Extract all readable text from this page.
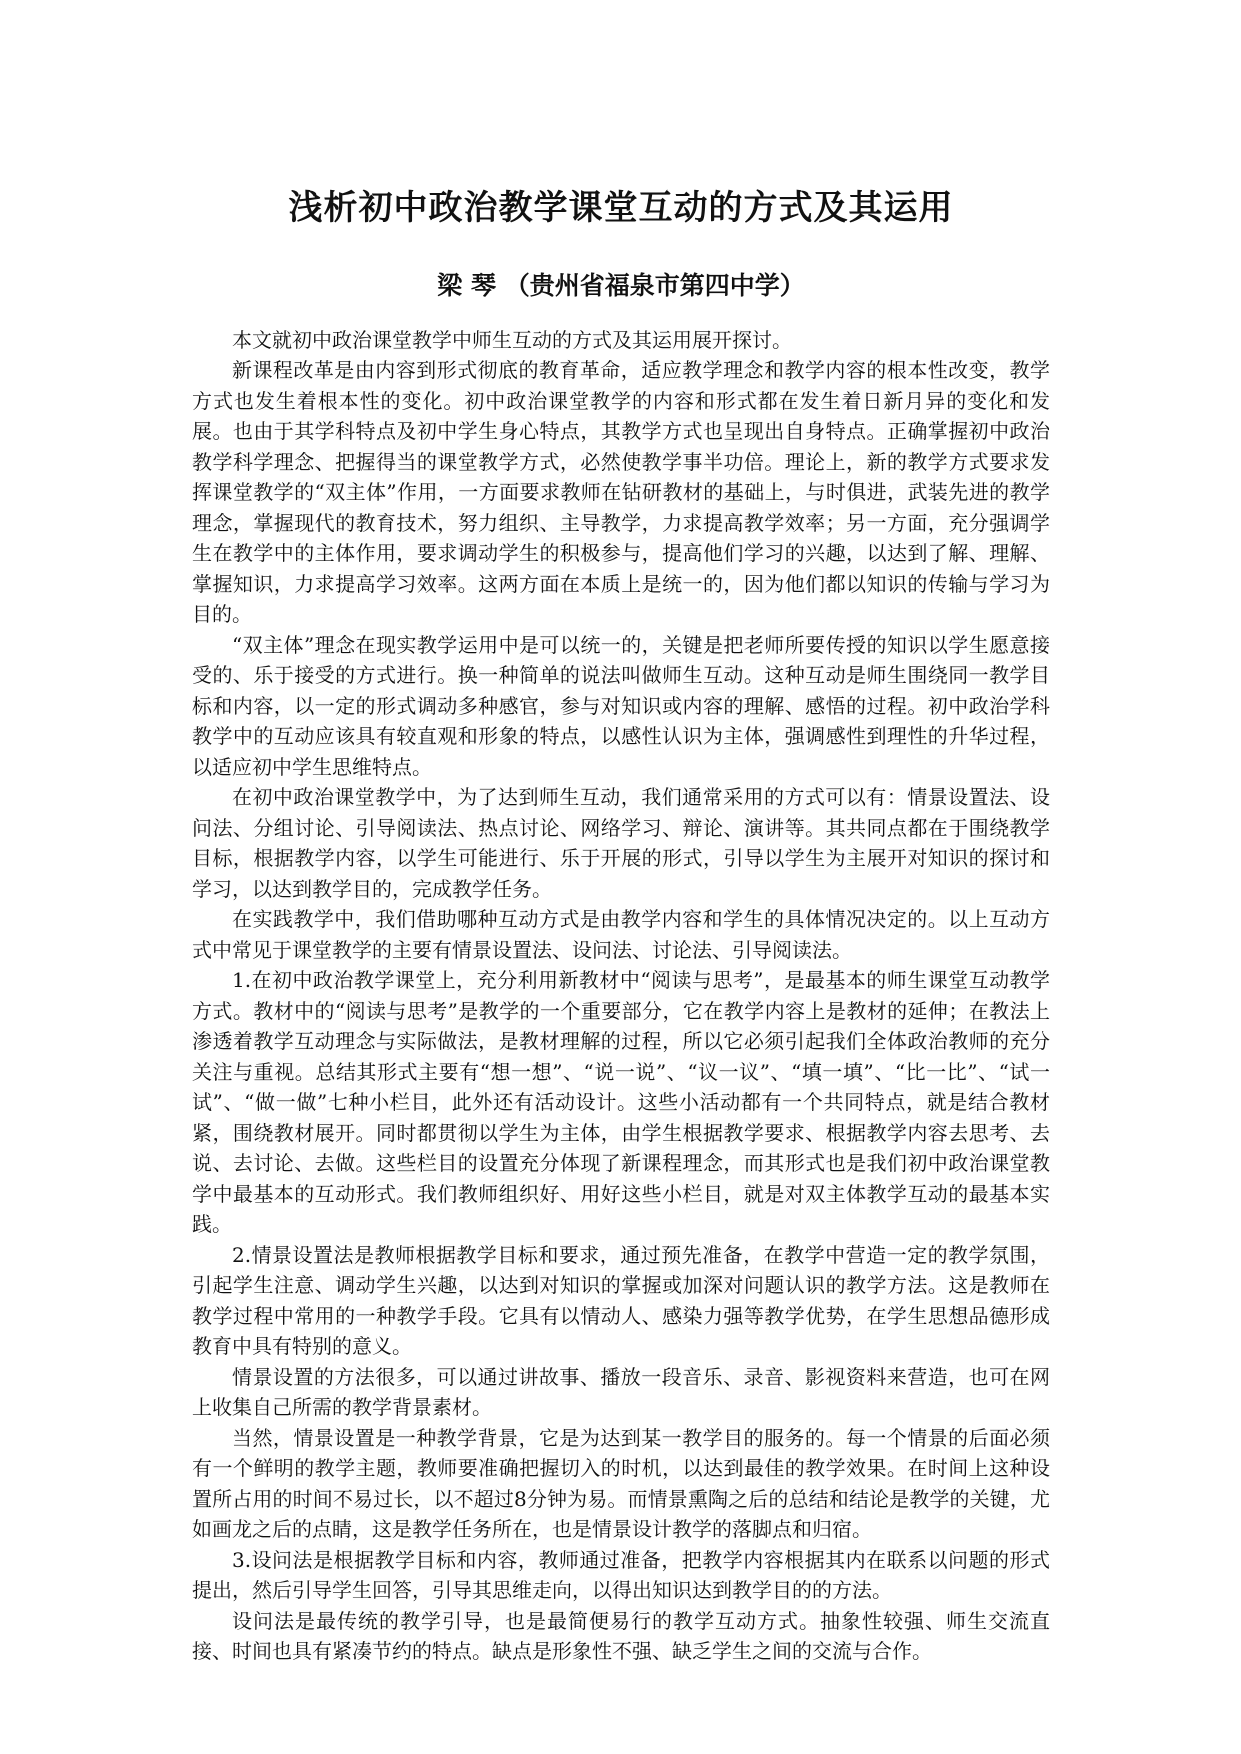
浅析初中政治教学课堂互动的方式及其运用
梁 琴 （贵州省福泉市第四中学）

本文就初中政治课堂教学中师生互动的方式及其运用展开探讨。

新课程改革是由内容到形式彻底的教育革命，适应教学理念和教学内容的根本性改变，教学方式也发生着根本性的变化。初中政治课堂教学的内容和形式都在发生着日新月异的变化和发展。也由于其学科特点及初中学生身心特点，其教学方式也呈现出自身特点。正确掌握初中政治教学科学理念、把握得当的课堂教学方式，必然使教学事半功倍。理论上，新的教学方式要求发挥课堂教学的“双主体”作用，一方面要求教师在钻研教材的基础上，与时俱进，武装先进的教学理念，掌握现代的教育技术，努力组织、主导教学，力求提高教学效率；另一方面，充分强调学生在教学中的主体作用，要求调动学生的积极参与，提高他们学习的兴趣，以达到了解、理解、掌握知识，力求提高学习效率。这两方面在本质上是统一的，因为他们都以知识的传输与学习为目的。

“双主体”理念在现实教学运用中是可以统一的，关键是把老师所要传授的知识以学生愿意接受的、乐于接受的方式进行。换一种简单的说法叫做师生互动。这种互动是师生围绕同一教学目标和内容，以一定的形式调动多种感官，参与对知识或内容的理解、感悟的过程。初中政治学科教学中的互动应该具有较直观和形象的特点，以感性认识为主体，强调感性到理性的升华过程，以适应初中学生思维特点。

在初中政治课堂教学中，为了达到师生互动，我们通常采用的方式可以有：情景设置法、设问法、分组讨论、引导阅读法、热点讨论、网络学习、辩论、演讲等。其共同点都在于围绕教学目标，根据教学内容，以学生可能进行、乐于开展的形式，引导以学生为主展开对知识的探讨和学习，以达到教学目的，完成教学任务。

在实践教学中，我们借助哪种互动方式是由教学内容和学生的具体情况决定的。以上互动方式中常见于课堂教学的主要有情景设置法、设问法、讨论法、引导阅读法。

1.在初中政治教学课堂上，充分利用新教材中“阅读与思考”，是最基本的师生课堂互动教学方式。教材中的“阅读与思考”是教学的一个重要部分，它在教学内容上是教材的延伸；在教法上渗透着教学互动理念与实际做法，是教材理解的过程，所以它必须引起我们全体政治教师的充分关注与重视。总结其形式主要有“想一想”、“说一说”、“议一议”、“填一填”、“比一比”、“试一试”、“做一做”七种小栏目，此外还有活动设计。这些小活动都有一个共同特点，就是结合教材紧，围绕教材展开。同时都贯彻以学生为主体，由学生根据教学要求、根据教学内容去思考、去说、去讨论、去做。这些栏目的设置充分体现了新课程理念，而其形式也是我们初中政治课堂教学中最基本的互动形式。我们教师组织好、用好这些小栏目，就是对双主体教学互动的最基本实践。

2.情景设置法是教师根据教学目标和要求，通过预先准备，在教学中营造一定的教学氛围，引起学生注意、调动学生兴趣，以达到对知识的掌握或加深对问题认识的教学方法。这是教师在教学过程中常用的一种教学手段。它具有以情动人、感染力强等教学优势，在学生思想品德形成教育中具有特别的意义。

情景设置的方法很多，可以通过讲故事、播放一段音乐、录音、影视资料来营造，也可在网上收集自己所需的教学背景素材。

当然，情景设置是一种教学背景，它是为达到某一教学目的服务的。每一个情景的后面必须有一个鲜明的教学主题，教师要准确把握切入的时机，以达到最佳的教学效果。在时间上这种设置所占用的时间不易过长，以不超过8分钟为易。而情景熏陶之后的总结和结论是教学的关键，尤如画龙之后的点睛，这是教学任务所在，也是情景设计教学的落脚点和归宿。

3.设问法是根据教学目标和内容，教师通过准备，把教学内容根据其内在联系以问题的形式提出，然后引导学生回答，引导其思维走向，以得出知识达到教学目的的方法。

设问法是最传统的教学引导，也是最简便易行的教学互动方式。抽象性较强、师生交流直接、时间也具有紧凑节约的特点。缺点是形象性不强、缺乏学生之间的交流与合作。
